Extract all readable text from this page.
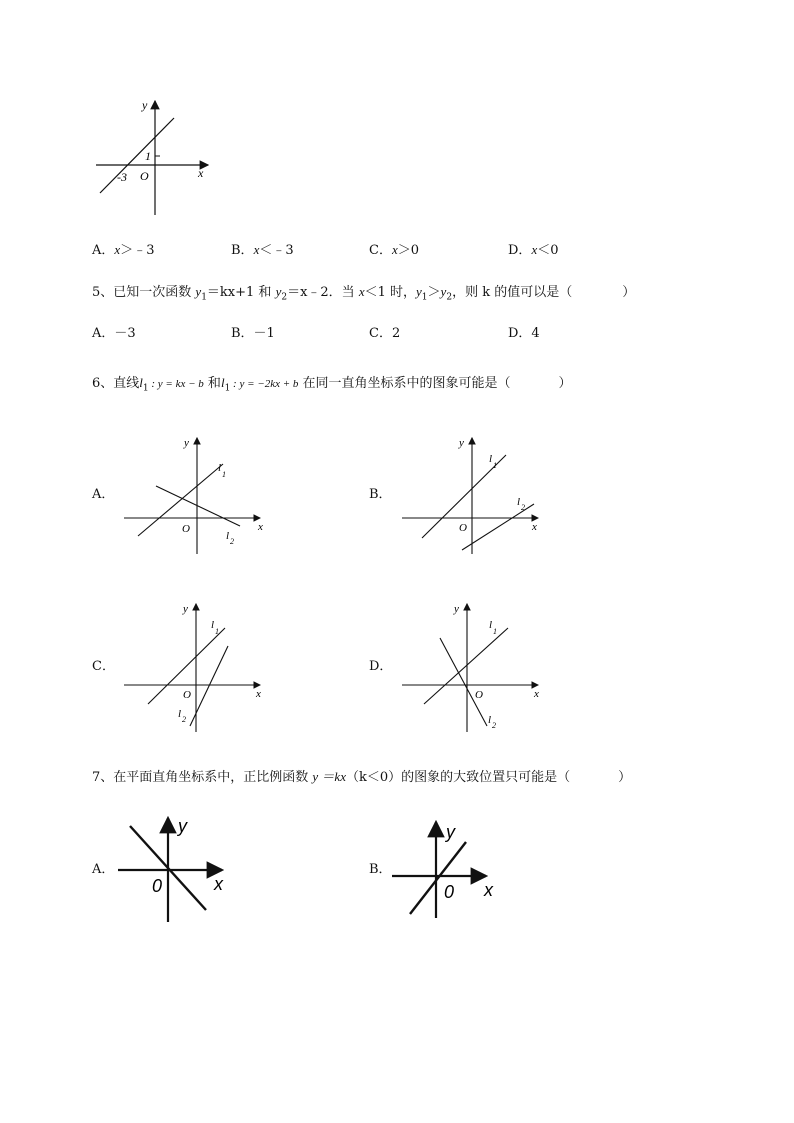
y
x
O
1
-3
A．x＞﹣3	B．x＜﹣3	C．x＞0	D．x＜0
5、已知一次函数 $y_1=kx+1$ 和 $y_2=x﹣2$．当 x＜1 时，$y_1>y_2$，则 k 的值可以是（	）
A．－3	B．－1	C．2	D．4
6、直线$l_1$ : y = kx − b 和$l_1$ : y = −2kx + b 在同一直角坐标系中的图象可能是（	）
A．
y
x
O
l
1
l 2
B．
y
x
O
l
1
l 2
C．
y
x
O
l
1
l 2
D．
y
x
O
l
1
l 2
7、在平面直角坐标系中，正比例函数 y ＝kx（k＜0）的图象的大致位置只可能是（	）
A．
y
x
0
B．
y
x
0
